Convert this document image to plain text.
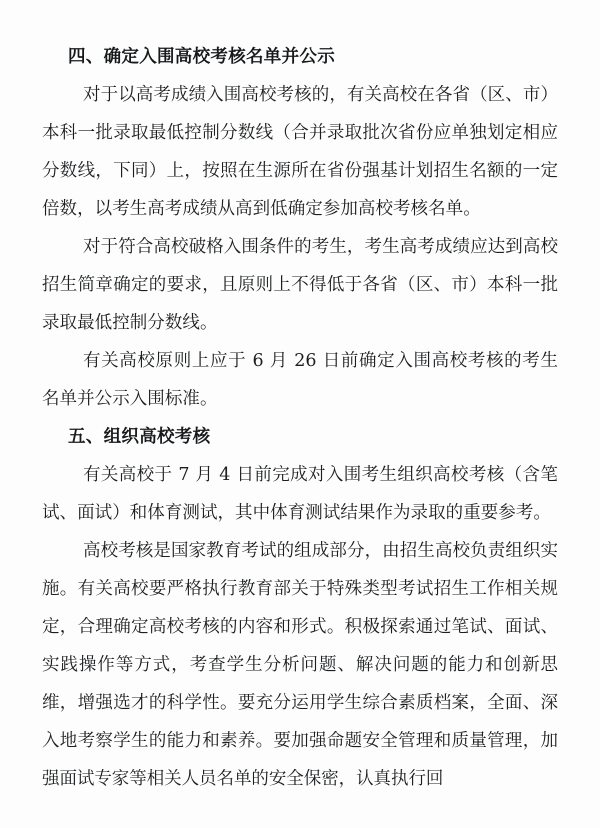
四、确定入围高校考核名单并公示

对于以高考成绩入围高校考核的，有关高校在各省（区、市）本科一批录取最低控制分数线（合并录取批次省份应单独划定相应分数线，下同）上，按照在生源所在省份强基计划招生名额的一定倍数，以考生高考成绩从高到低确定参加高校考核名单。

对于符合高校破格入围条件的考生，考生高考成绩应达到高校招生简章确定的要求，且原则上不得低于各省（区、市）本科一批录取最低控制分数线。

有关高校原则上应于 6 月 26 日前确定入围高校考核的考生名单并公示入围标准。

五、组织高校考核

有关高校于 7 月 4 日前完成对入围考生组织高校考核（含笔试、面试）和体育测试，其中体育测试结果作为录取的重要参考。

高校考核是国家教育考试的组成部分，由招生高校负责组织实施。有关高校要严格执行教育部关于特殊类型考试招生工作相关规定，合理确定高校考核的内容和形式。积极探索通过笔试、面试、实践操作等方式，考查学生分析问题、解决问题的能力和创新思维，增强选才的科学性。要充分运用学生综合素质档案，全面、深入地考察学生的能力和素养。要加强命题安全管理和质量管理，加强面试专家等相关人员名单的安全保密，认真执行回
